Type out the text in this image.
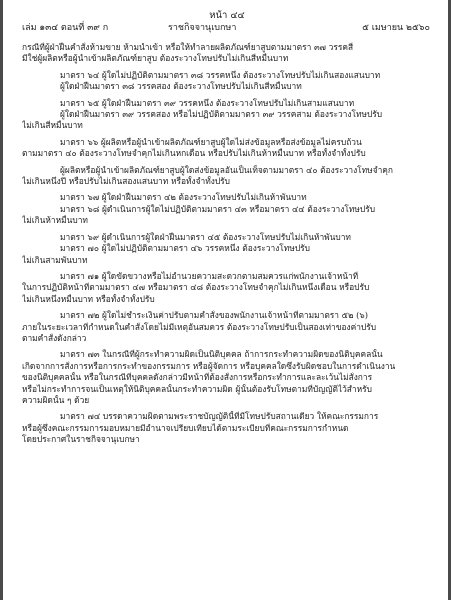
หน้า ๔๔
เล่ม ๑๓๔ ตอนที่ ๓๙ ก	ราชกิจจานุเบกษา	๕ เมษายน ๒๕๖๐
กรณีที่ผู้ฝ่าฝืนคำสั่งห้ามขาย ห้ามนำเข้า หรือให้ทำลายผลิตภัณฑ์ยาสูบตามมาตรา ๓๗ วรรคสี่
มีใช่ผู้ผลิตหรือผู้นำเข้าผลิตภัณฑ์ยาสูบ ต้องระวางโทษปรับไม่เกินสี่หมื่นบาท
มาตรา ๖๔ ผู้ใดไม่ปฏิบัติตามมาตรา ๓๘ วรรคหนึ่ง ต้องระวางโทษปรับไม่เกินสองแสนบาท
ผู้ใดฝ่าฝืนมาตรา ๓๘ วรรคสอง ต้องระวางโทษปรับไม่เกินสี่หมื่นบาท
มาตรา ๖๕ ผู้ใดฝ่าฝืนมาตรา ๓๙ วรรคหนึ่ง ต้องระวางโทษปรับไม่เกินสามแสนบาท
ผู้ใดฝ่าฝืนมาตรา ๓๙ วรรคสอง หรือไม่ปฏิบัติตามมาตรา ๓๙ วรรคสาม ต้องระวางโทษปรับ
ไม่เกินสี่หมื่นบาท
มาตรา ๖๖ ผู้ผลิตหรือผู้นำเข้าผลิตภัณฑ์ยาสูบผู้ใดไม่ส่งข้อมูลหรือส่งข้อมูลไม่ครบถ้วน
ตามมาตรา ๔๐ ต้องระวางโทษจำคุกไม่เกินหกเดือน หรือปรับไม่เกินห้าหมื่นบาท หรือทั้งจำทั้งปรับ
ผู้ผลิตหรือผู้นำเข้าผลิตภัณฑ์ยาสูบผู้ใดส่งข้อมูลอันเป็นเท็จตามมาตรา ๔๐ ต้องระวางโทษจำคุก
ไม่เกินหนึ่งปี หรือปรับไม่เกินสองแสนบาท หรือทั้งจำทั้งปรับ
มาตรา ๖๗ ผู้ใดฝ่าฝืนมาตรา ๔๒ ต้องระวางโทษปรับไม่เกินห้าพันบาท
มาตรา ๖๘ ผู้ดำเนินการผู้ใดไม่ปฏิบัติตามมาตรา ๔๓ หรือมาตรา ๔๔ ต้องระวางโทษปรับ
ไม่เกินห้าหมื่นบาท
มาตรา ๖๙ ผู้ดำเนินการผู้ใดฝ่าฝืนมาตรา ๔๕ ต้องระวางโทษปรับไม่เกินห้าพันบาท
มาตรา ๗๐ ผู้ใดไม่ปฏิบัติตามมาตรา ๔๖ วรรคหนึ่ง ต้องระวางโทษปรับ
ไม่เกินสามพันบาท
มาตรา ๗๑ ผู้ใดขัดขวางหรือไม่อำนวยความสะดวกตามสมควรแก่พนักงานเจ้าหน้าที่
ในการปฏิบัติหน้าที่ตามมาตรา ๔๗ หรือมาตรา ๔๘ ต้องระวางโทษจำคุกไม่เกินหนึ่งเดือน หรือปรับ
ไม่เกินหนึ่งหมื่นบาท หรือทั้งจำทั้งปรับ
มาตรา ๗๒ ผู้ใดไม่ชำระเงินค่าปรับตามคำสั่งของพนักงานเจ้าหน้าที่ตามมาตรา ๕๒ (๖)
ภายในระยะเวลาที่กำหนดในคำสั่งโดยไม่มีเหตุอันสมควร ต้องระวางโทษปรับเป็นสองเท่าของค่าปรับ
ตามคำสั่งดังกล่าว
มาตรา ๗๓ ในกรณีที่ผู้กระทำความผิดเป็นนิติบุคคล ถ้าการกระทำความผิดของนิติบุคคลนั้น
เกิดจากการสั่งการหรือการกระทำของกรรมการ หรือผู้จัดการ หรือบุคคลใดซึ่งรับผิดชอบในการดำเนินงาน
ของนิติบุคคลนั้น หรือในกรณีที่บุคคลดังกล่าวมีหน้าที่ต้องสั่งการหรือกระทำการและละเว้นไม่สั่งการ
หรือไม่กระทำการจนเป็นเหตุให้นิติบุคคลนั้นกระทำความผิด ผู้นั้นต้องรับโทษตามที่บัญญัติไว้สำหรับ
ความผิดนั้น ๆ ด้วย
มาตรา ๗๔ บรรดาความผิดตามพระราชบัญญัตินี้ที่มีโทษปรับสถานเดียว ให้คณะกรรมการ
หรือผู้ซึ่งคณะกรรมการมอบหมายมีอำนาจเปรียบเทียบได้ตามระเบียบที่คณะกรรมการกำหนด
โดยประกาศในราชกิจจานุเบกษา
